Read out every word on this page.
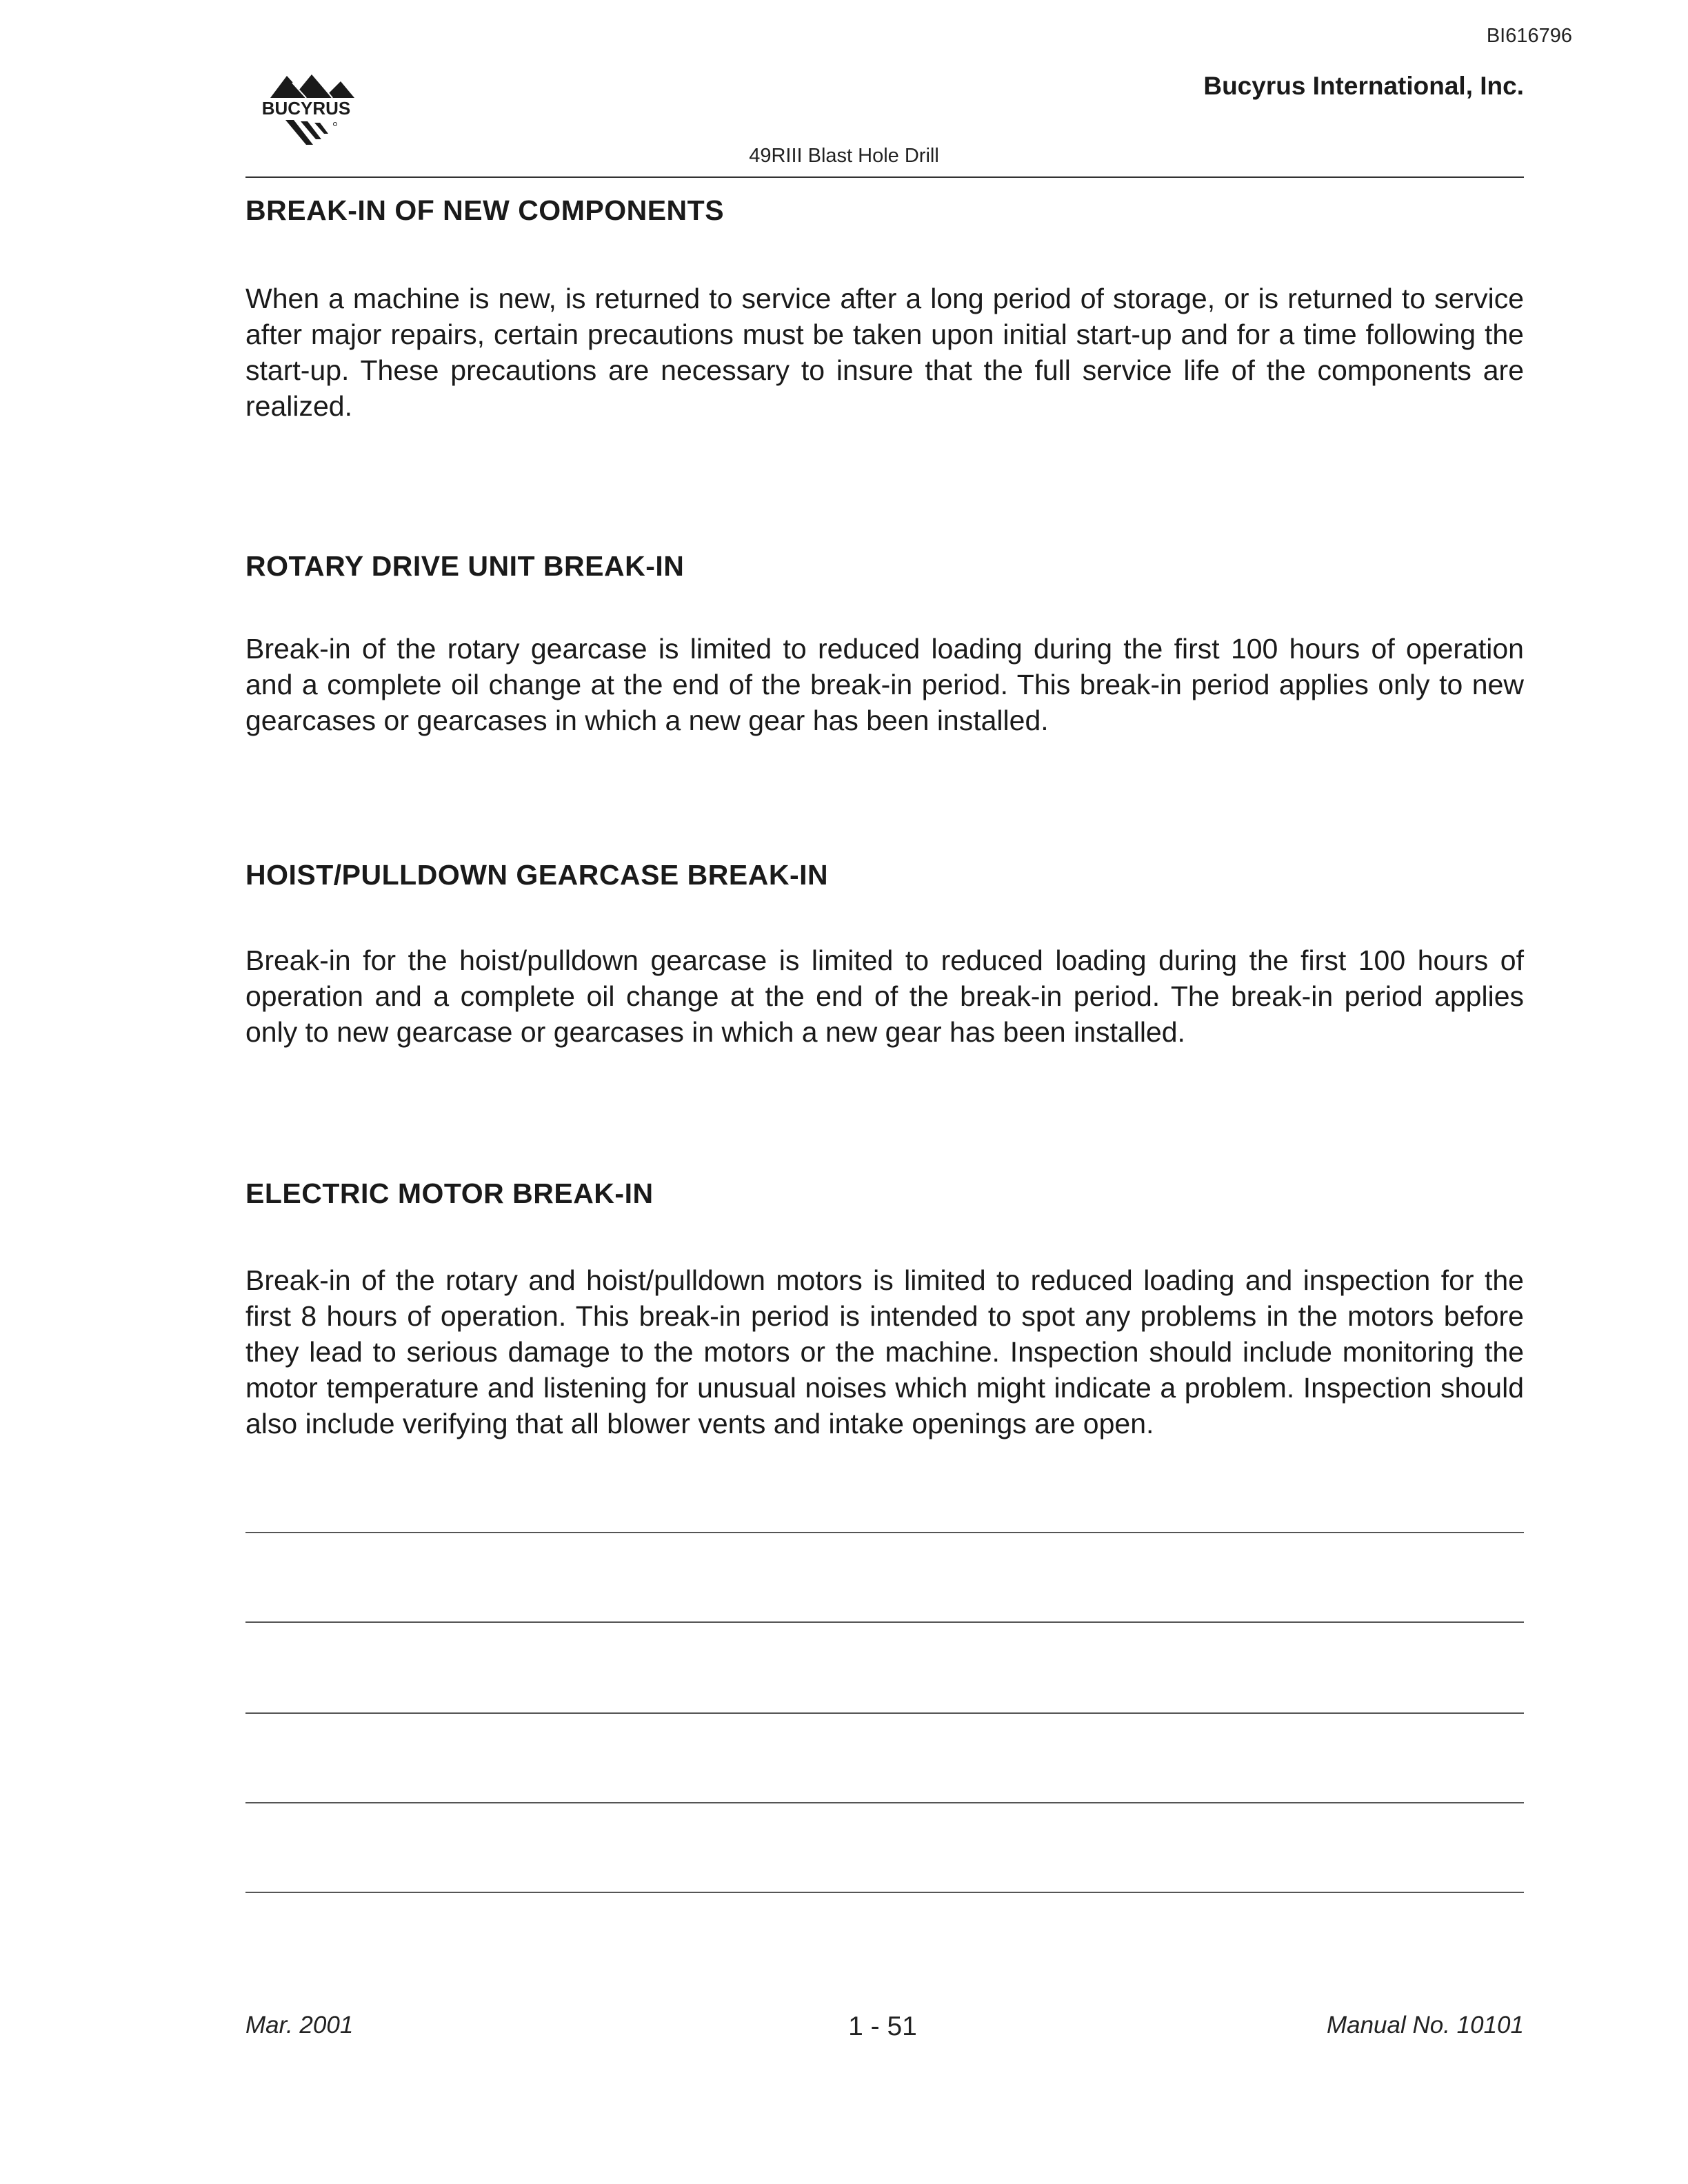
BI616796
BUCYRUS
Bucyrus International, Inc.
49RIII Blast Hole Drill
BREAK-IN OF NEW COMPONENTS

When a machine is new, is returned to service after a long period of storage, or is returned to service after major repairs, certain precautions must be taken upon initial start-up and for a time following the start-up. These precautions are necessary to insure that the full service life of the components are realized.

ROTARY DRIVE UNIT BREAK-IN

Break-in of the rotary gearcase is limited to reduced loading during the first 100 hours of operation and a complete oil change at the end of the break-in period. This break-in period applies only to new gearcases or gearcases in which a new gear has been installed.

HOIST/PULLDOWN GEARCASE BREAK-IN

Break-in for the hoist/pulldown gearcase is limited to reduced loading during the first 100 hours of operation and a complete oil change at the end of the break-in period. The break-in period applies only to new gearcase or gearcases in which a new gear has been installed.

ELECTRIC MOTOR BREAK-IN

Break-in of the rotary and hoist/pulldown motors is limited to reduced loading and inspection for the first 8 hours of operation. This break-in period is intended to spot any problems in the motors before they lead to serious damage to the motors or the machine. Inspection should include monitoring the motor temperature and listening for unusual noises which might indicate a problem. Inspection should also include verifying that all blower vents and intake openings are open.

Mar. 2001	1 - 51	Manual No. 10101
